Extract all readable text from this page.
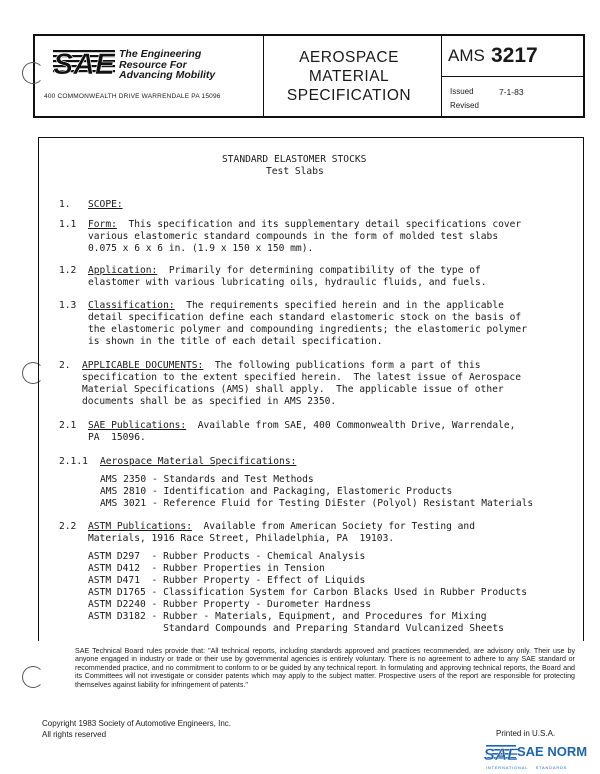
SAE The Engineering
Resource For
Advancing Mobility
400 COMMONWEALTH DRIVE WARRENDALE PA 15096
AEROSPACE
MATERIAL
SPECIFICATION
AMS 3217
Issued	7-1-83
Revised
STANDARD ELASTOMER STOCKS
Test Slabs
1. SCOPE:
1.1 Form:  This specification and its supplementary detail specifications cover
various elastomeric standard compounds in the form of molded test slabs
0.075 x 6 x 6 in. (1.9 x 150 x 150 mm).
1.2 Application:  Primarily for determining compatibility of the type of
elastomer with various lubricating oils, hydraulic fluids, and fuels.
1.3 Classification:  The requirements specified herein and in the applicable
detail specification define each standard elastomeric stock on the basis of
the elastomeric polymer and compounding ingredients; the elastomeric polymer
is shown in the title of each detail specification.
2. APPLICABLE DOCUMENTS:  The following publications form a part of this
specification to the extent specified herein.  The latest issue of Aerospace
Material Specifications (AMS) shall apply.  The applicable issue of other
documents shall be as specified in AMS 2350.
2.1 SAE Publications:  Available from SAE, 400 Commonwealth Drive, Warrendale,
PA  15096.
2.1.1 Aerospace Material Specifications:
AMS 2350 - Standards and Test Methods
AMS 2810 - Identification and Packaging, Elastomeric Products
AMS 3021 - Reference Fluid for Testing DiEster (Polyol) Resistant Materials
2.2 ASTM Publications:  Available from American Society for Testing and
Materials, 1916 Race Street, Philadelphia, PA  19103.
ASTM D297  - Rubber Products - Chemical Analysis
ASTM D412  - Rubber Properties in Tension
ASTM D471  - Rubber Property - Effect of Liquids
ASTM D1765 - Classification System for Carbon Blacks Used in Rubber Products
ASTM D2240 - Rubber Property - Durometer Hardness
ASTM D3182 - Rubber - Materials, Equipment, and Procedures for Mixing
Standard Compounds and Preparing Standard Vulcanized Sheets
SAE Technical Board rules provide that: "All technical reports, including standards approved and practices recommended, are advisory only. Their use by anyone engaged in industry or trade or their use by governmental agencies is entirely voluntary. There is no agreement to adhere to any SAE standard or recommended practice, and no commitment to conform to or be guided by any technical report. In formulating and approving technical reports, the Board and its Committees will not investigate or consider patents which may apply to the subject matter. Prospective users of the report are responsible for protecting themselves against liability for infringement of patents."
Copyright 1983 Society of Automotive Engineers, Inc.
All rights reserved	Printed in U.S.A.
SAE
SAE NORM
INTERNATIONAL    STANDARDS
